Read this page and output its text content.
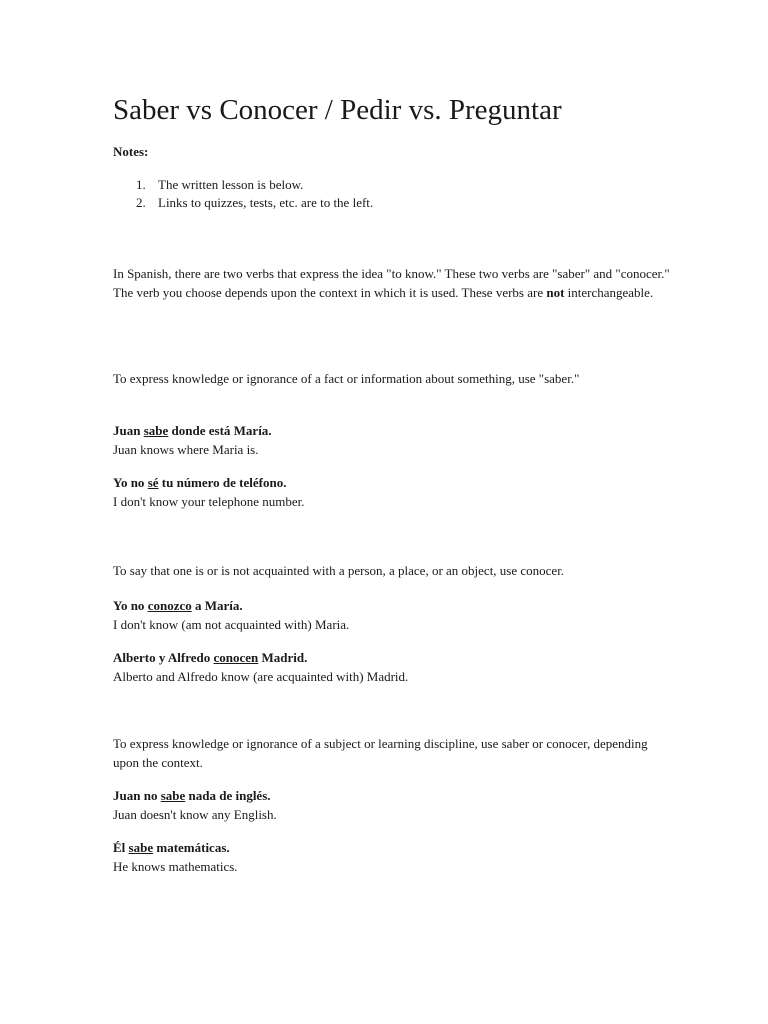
Saber vs Conocer / Pedir vs. Preguntar
Notes:
1. The written lesson is below.
2. Links to quizzes, tests, etc. are to the left.

In Spanish, there are two verbs that express the idea "to know." These two verbs are "saber" and "conocer." The verb you choose depends upon the context in which it is used. These verbs are not interchangeable.

To express knowledge or ignorance of a fact or information about something, use "saber."

Juan sabe donde está María.

Juan knows where Maria is.

Yo no sé tu número de teléfono.

I don't know your telephone number.

To say that one is or is not acquainted with a person, a place, or an object, use conocer.

Yo no conozco a María.

I don't know (am not acquainted with) Maria.

Alberto y Alfredo conocen Madrid.

Alberto and Alfredo know (are acquainted with) Madrid.

To express knowledge or ignorance of a subject or learning discipline, use saber or conocer, depending upon the context.

Juan no sabe nada de inglés.

Juan doesn't know any English.

Él sabe matemáticas.

He knows mathematics.
